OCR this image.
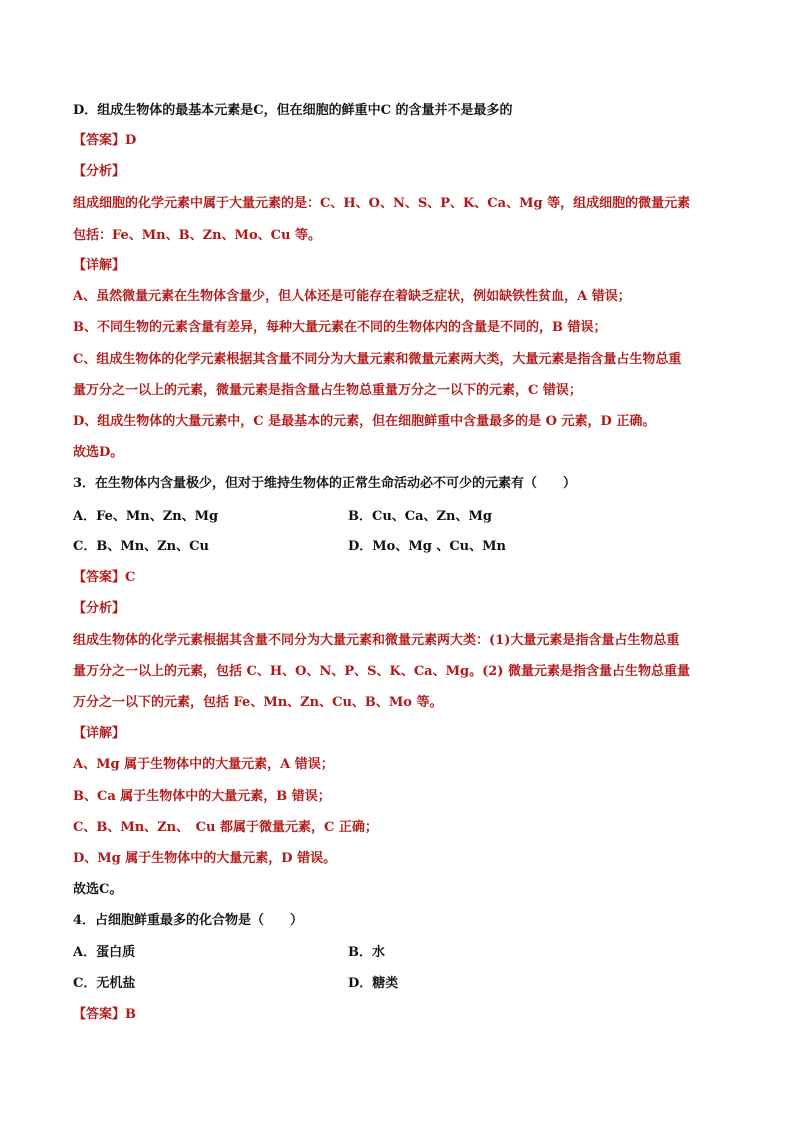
D．组成生物体的最基本元素是C，但在细胞的鲜重中C 的含量并不是最多的
【答案】D
【分析】
组成细胞的化学元素中属于大量元素的是：C、H、O、N、S、P、K、Ca、Mg 等，组成细胞的微量元素
包括：Fe、Mn、B、Zn、Mo、Cu 等。
【详解】
A、虽然微量元素在生物体含量少，但人体还是可能存在着缺乏症状，例如缺铁性贫血，A 错误；
B、不同生物的元素含量有差异，每种大量元素在不同的生物体内的含量是不同的，B 错误；
C、组成生物体的化学元素根据其含量不同分为大量元素和微量元素两大类，大量元素是指含量占生物总重
量万分之一以上的元素，微量元素是指含量占生物总重量万分之一以下的元素，C 错误；
D、组成生物体的大量元素中，C 是最基本的元素，但在细胞鲜重中含量最多的是 O 元素，D 正确。
故选D。
3．在生物体内含量极少，但对于维持生物体的正常生命活动必不可少的元素有（　　）
A．Fe、Mn、Zn、Mg	B．Cu、Ca、Zn、Mg
C．B、Mn、Zn、Cu	D．Mo、Mg 、Cu、Mn
【答案】C
【分析】
组成生物体的化学元素根据其含量不同分为大量元素和微量元素两大类：(1)大量元素是指含量占生物总重
量万分之一以上的元素，包括 C、H、O、N、P、S、K、Ca、Mg。(2) 微量元素是指含量占生物总重量
万分之一以下的元素，包括 Fe、Mn、Zn、Cu、B、Mo 等。
【详解】
A、Mg 属于生物体中的大量元素，A 错误；
B、Ca 属于生物体中的大量元素，B 错误；
C、B、Mn、Zn、　Cu 都属于微量元素，C 正确；
D、Mg 属于生物体中的大量元素，D 错误。
故选C。
4．占细胞鲜重最多的化合物是（　　）
A．蛋白质	B．水
C．无机盐	D．糖类
【答案】B
